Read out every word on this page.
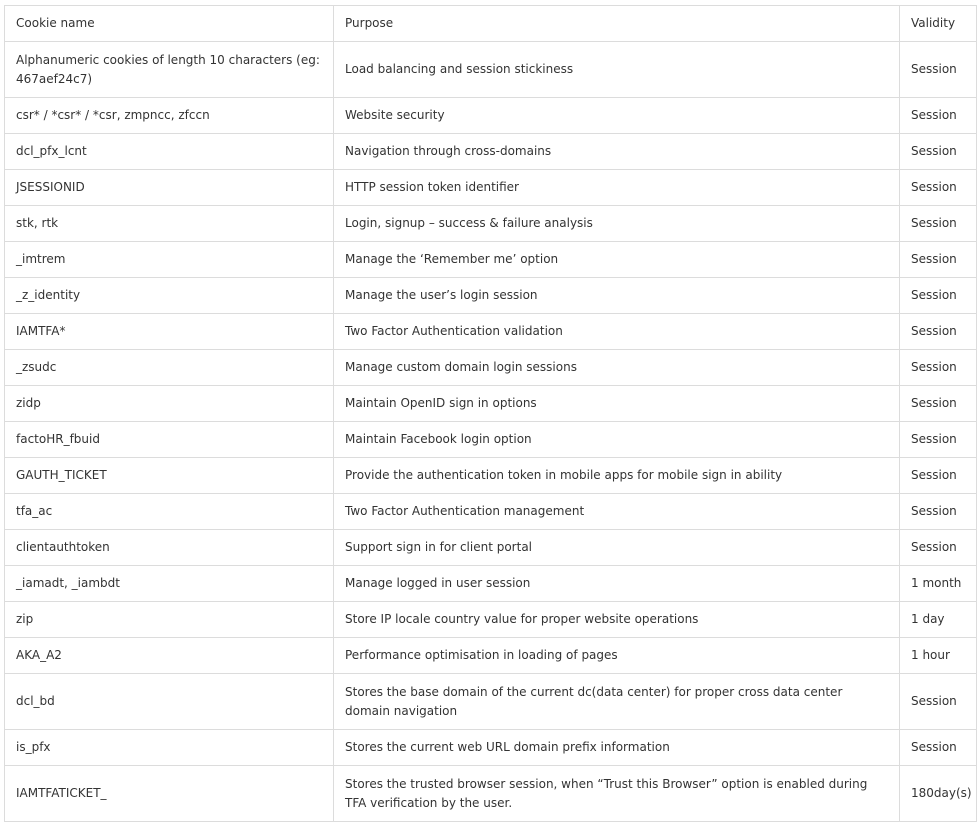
Cookie name	Purpose	Validity
Alphanumeric cookies of length 10 characters (eg: 467aef24c7)	Load balancing and session stickiness	Session
csr* / *csr* / *csr, zmpncc, zfccn	Website security	Session
dcl_pfx_lcnt	Navigation through cross-domains	Session
JSESSIONID	HTTP session token identifier	Session
stk, rtk	Login, signup – success & failure analysis	Session
_imtrem	Manage the ‘Remember me’ option	Session
_z_identity	Manage the user’s login session	Session
IAMTFA*	Two Factor Authentication validation	Session
_zsudc	Manage custom domain login sessions	Session
zidp	Maintain OpenID sign in options	Session
factoHR_fbuid	Maintain Facebook login option	Session
GAUTH_TICKET	Provide the authentication token in mobile apps for mobile sign in ability	Session
tfa_ac	Two Factor Authentication management	Session
clientauthtoken	Support sign in for client portal	Session
_iamadt, _iambdt	Manage logged in user session	1 month
zip	Store IP locale country value for proper website operations	1 day
AKA_A2	Performance optimisation in loading of pages	1 hour
dcl_bd	Stores the base domain of the current dc(data center) for proper cross data center domain navigation	Session
is_pfx	Stores the current web URL domain prefix information	Session
IAMTFATICKET_	Stores the trusted browser session, when “Trust this Browser” option is enabled during TFA verification by the user.	180day(s)
